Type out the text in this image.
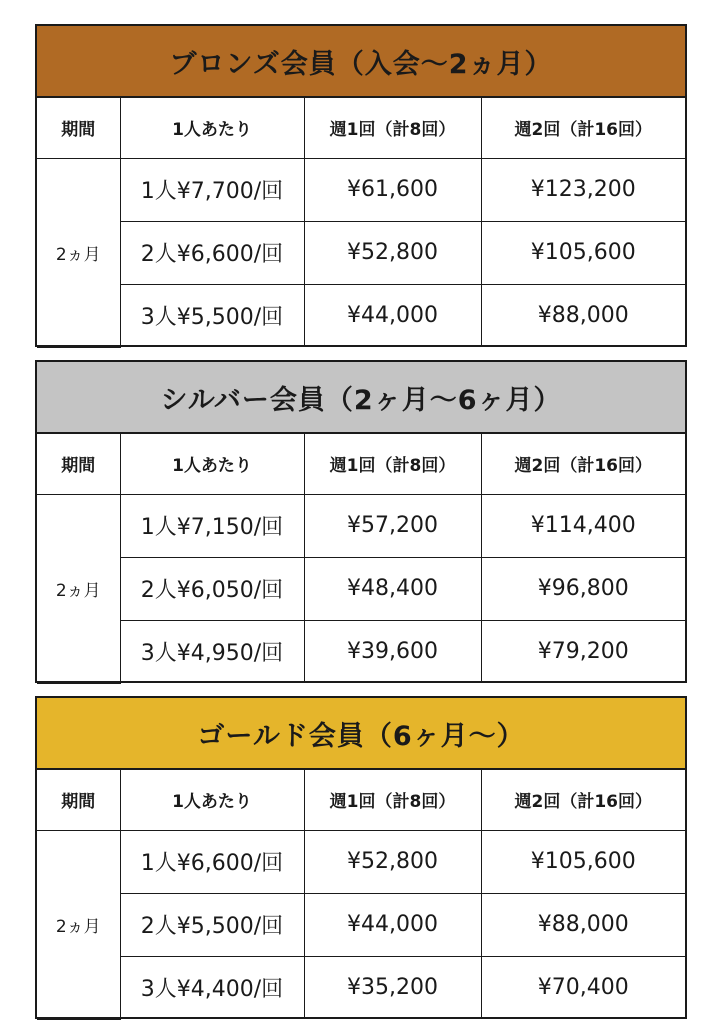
ブロンズ会員（入会〜2ヵ月）
期間	1人あたり	週1回（計8回）	週2回（計16回）
2ヵ月	1人¥7,700/回	¥61,600	¥123,200
	2人¥6,600/回	¥52,800	¥105,600
	3人¥5,500/回	¥44,000	¥88,000
シルバー会員（2ヶ月〜6ヶ月）
期間	1人あたり	週1回（計8回）	週2回（計16回）
2ヵ月	1人¥7,150/回	¥57,200	¥114,400
	2人¥6,050/回	¥48,400	¥96,800
	3人¥4,950/回	¥39,600	¥79,200
ゴールド会員（6ヶ月〜）
期間	1人あたり	週1回（計8回）	週2回（計16回）
2ヵ月	1人¥6,600/回	¥52,800	¥105,600
	2人¥5,500/回	¥44,000	¥88,000
	3人¥4,400/回	¥35,200	¥70,400
